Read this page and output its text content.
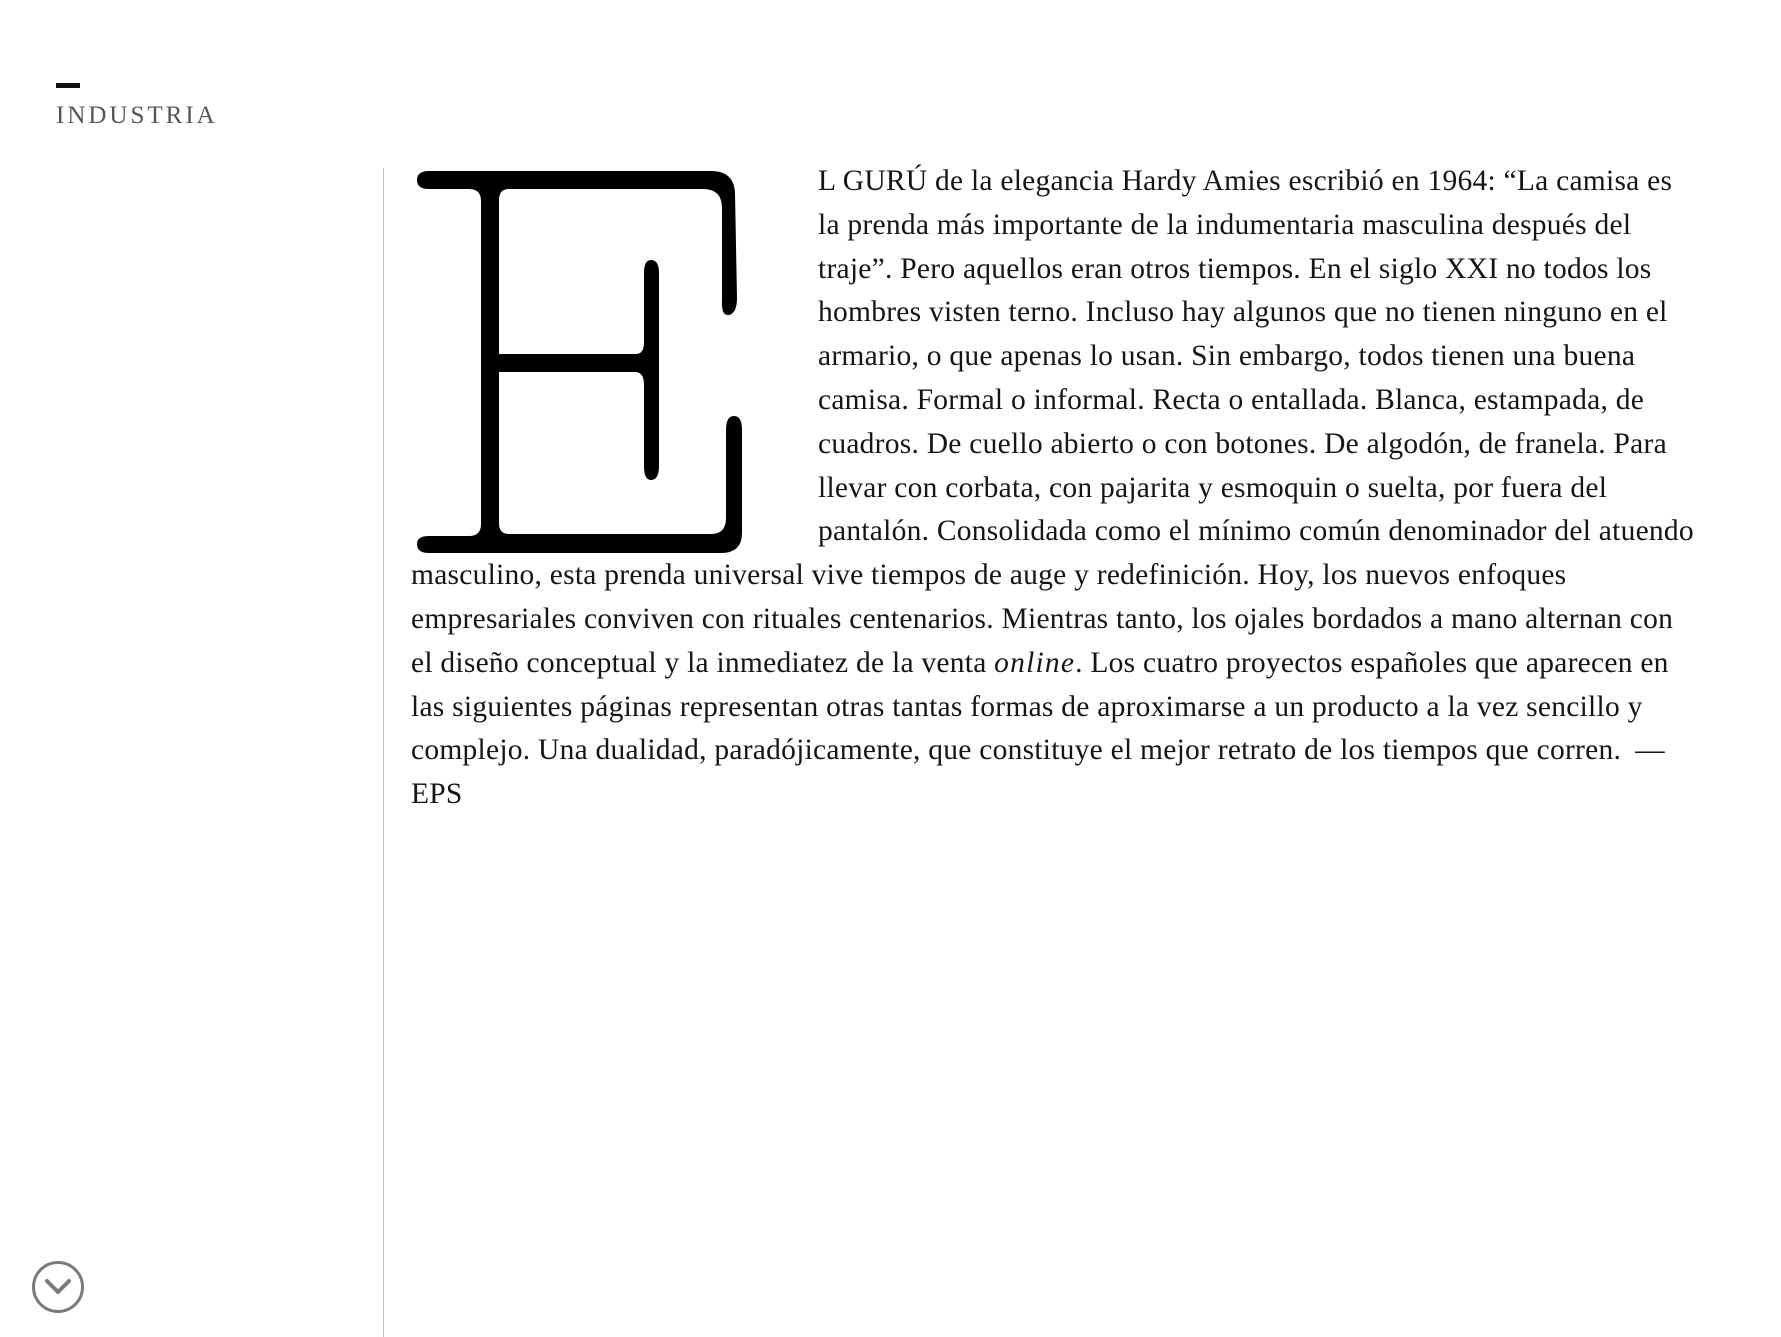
INDUSTRIA

L GURÚ de la elegancia Hardy Amies escribió en 1964: “La camisa es la prenda más importante de la indumentaria masculina después del traje”. Pero aquellos eran otros tiempos. En el siglo XXI no todos los hombres visten terno. Incluso hay algunos que no tienen ninguno en el armario, o que apenas lo usan. Sin embargo, todos tienen una buena camisa. Formal o informal. Recta o entallada. Blanca, estampada, de cuadros. De cuello abierto o con botones. De algodón, de franela. Para llevar con corbata, con pajarita y esmoquin o suelta, por fuera del pantalón. Consolidada como el mínimo común denominador del atuendo masculino, esta prenda universal vive tiempos de auge y redefinición. Hoy, los nuevos enfoques empresariales conviven con rituales centenarios. Mientras tanto, los ojales bordados a mano alternan con el diseño conceptual y la inmediatez de la venta online. Los cuatro proyectos españoles que aparecen en las siguientes páginas representan otras tantas formas de aproximarse a un producto a la vez sencillo y complejo. Una dualidad, paradójicamente, que constituye el mejor retrato de los tiempos que corren. —EPS
